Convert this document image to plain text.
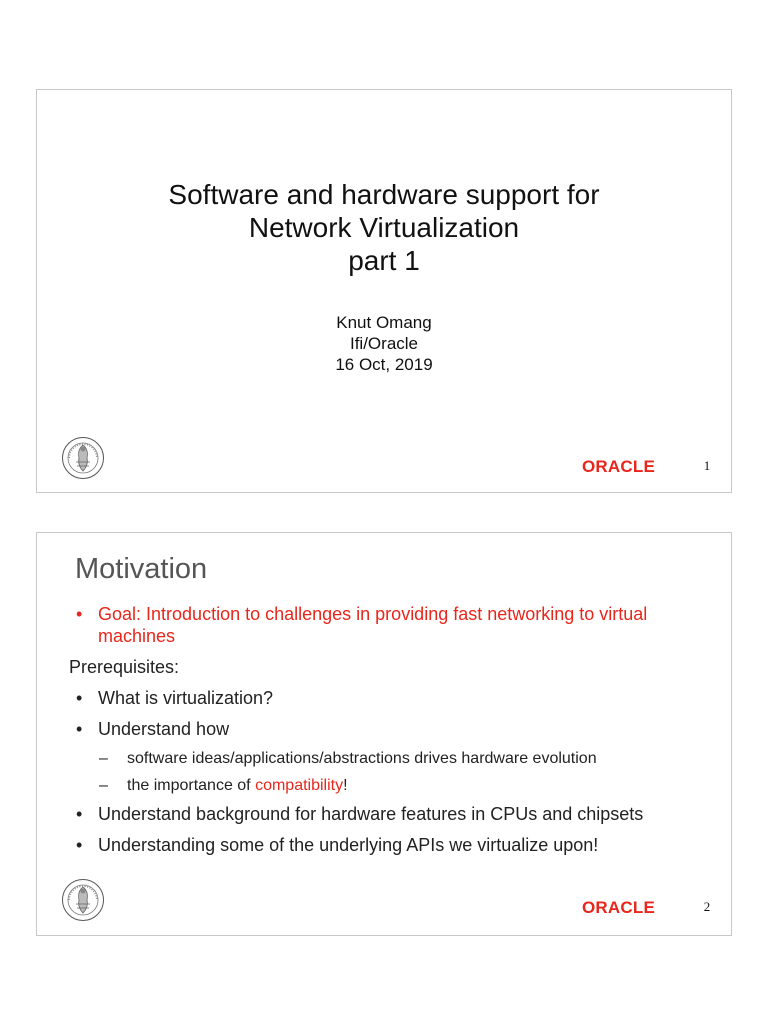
Software and hardware support for
Network Virtualization
part 1
Knut Omang
Ifi/Oracle
16 Oct, 2019
ORACLE	1
Motivation
• Goal: Introduction to challenges in providing fast networking to virtual machines
Prerequisites:
• What is virtualization?
• Understand how
– software ideas/applications/abstractions drives hardware evolution
– the importance of compatibility!
• Understand background for hardware features in CPUs and chipsets
• Understanding some of the underlying APIs we virtualize upon!
ORACLE	2
